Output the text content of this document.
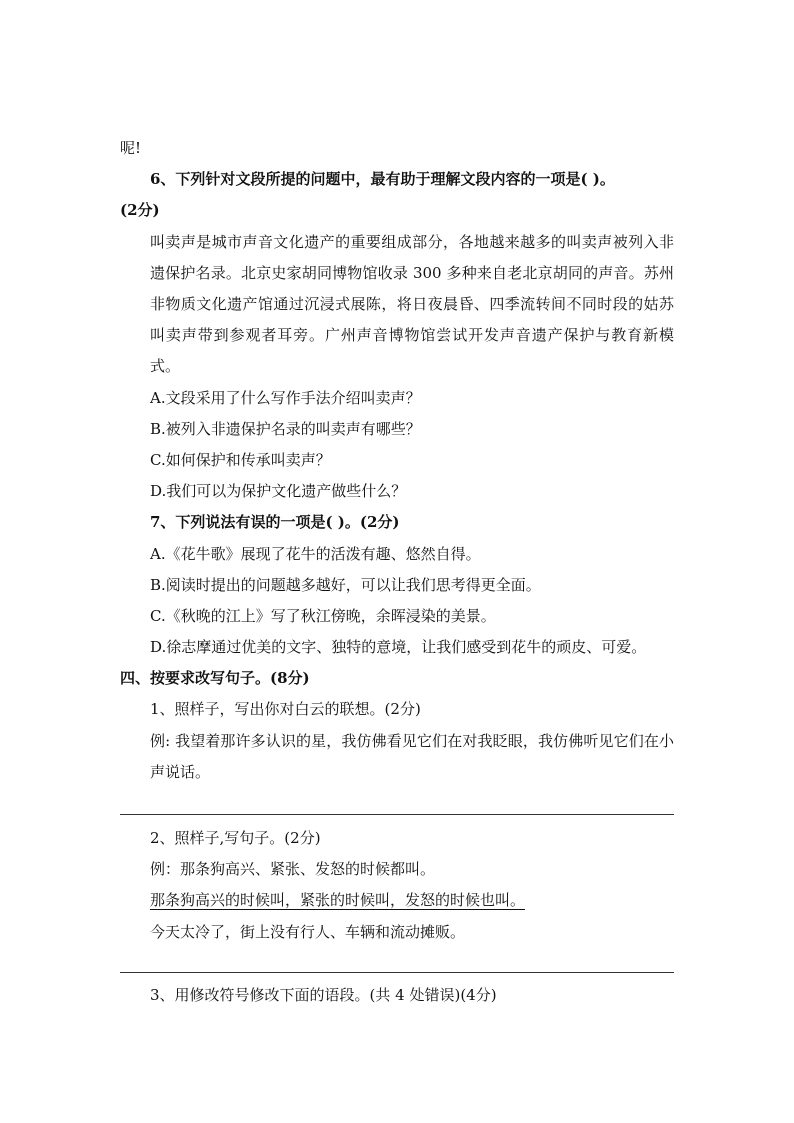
呢!
6、下列针对文段所提的问题中，最有助于理解文段内容的一项是( )。
(2分)
叫卖声是城市声音文化遗产的重要组成部分，各地越来越多的叫卖声被列入非遗保护名录。北京史家胡同博物馆收录 300 多种来自老北京胡同的声音。苏州非物质文化遗产馆通过沉浸式展陈，将日夜晨昏、四季流转间不同时段的姑苏叫卖声带到参观者耳旁。广州声音博物馆尝试开发声音遗产保护与教育新模式。
A.文段采用了什么写作手法介绍叫卖声？
B.被列入非遗保护名录的叫卖声有哪些？
C.如何保护和传承叫卖声？
D.我们可以为保护文化遗产做些什么？
7、下列说法有误的一项是( )。(2分)
A.《花牛歌》展现了花牛的活泼有趣、悠然自得。
B.阅读时提出的问题越多越好，可以让我们思考得更全面。
C.《秋晚的江上》写了秋江傍晚，余晖浸染的美景。
D.徐志摩通过优美的文字、独特的意境，让我们感受到花牛的顽皮、可爱。
四、按要求改写句子。(8分)
1、照样子，写出你对白云的联想。(2分)
例: 我望着那许多认识的星，我仿佛看见它们在对我眨眼，我仿佛听见它们在小声说话。
2、照样子,写句子。(2分)
例：那条狗高兴、紧张、发怒的时候都叫。
那条狗高兴的时候叫，紧张的时候叫，发怒的时候也叫。
今天太冷了，街上没有行人、车辆和流动摊贩。
3、用修改符号修改下面的语段。(共 4 处错误)(4分)
